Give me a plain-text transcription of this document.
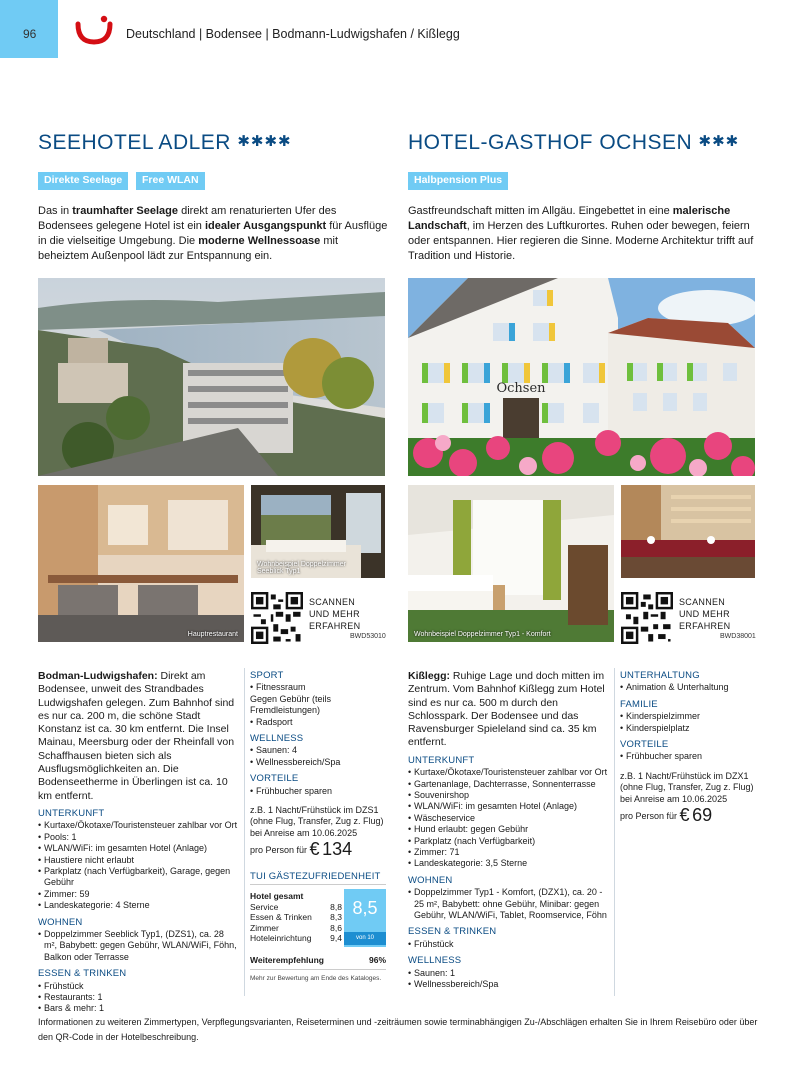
96	Deutschland | Bodensee | Bodmann-Ludwigshafen / Kißlegg
SEEHOTEL ADLER ✱✱✱✱
Direkte Seelage	Free WLAN

Das in traumhafter Seelage direkt am renaturierten Ufer des Bodensees gelegene Hotel ist ein idealer Ausgangspunkt für Ausflüge in die vielseitige Umgebung. Die moderne Wellnessoase mit beheiztem Außenpool lädt zur Entspannung ein.

HOTEL-GASTHOF OCHSEN ✱✱✱
Halbpension Plus

Gastfreundschaft mitten im Allgäu. Eingebettet in eine malerische Landschaft, im Herzen des Luftkurortes. Ruhen oder bewegen, feiern oder entspannen. Hier regieren die Sinne. Moderne Architektur trifft auf Tradition und Historie.

Hauptrestaurant
Wohnbeispiel Doppelzimmer Seeblick Typ1
SCANNEN
UND MEHR
ERFAHREN
BWD53010
Ochsen
Wohnbeispiel Doppelzimmer Typ1 - Komfort
SCANNEN
UND MEHR
ERFAHREN
BWD38001

Bodman-Ludwigshafen: Direkt am Bodensee, unweit des Strandbades Ludwigshafen gelegen. Zum Bahnhof sind es nur ca. 200 m, die schöne Stadt Konstanz ist ca. 30 km entfernt. Die Insel Mainau, Meersburg oder der Rheinfall von Schaffhausen bieten sich als Ausflugsmöglichkeiten an. Die Bodenseetherme in Überlingen ist ca. 10 km entfernt.

UNTERKUNFT
• Kurtaxe/Ökotaxe/Touristensteuer zahlbar vor Ort
• Pools: 1
• WLAN/WiFi: im gesamten Hotel (Anlage)
• Haustiere nicht erlaubt
• Parkplatz (nach Verfügbarkeit), Garage, gegen Gebühr
• Zimmer: 59
• Landeskategorie: 4 Sterne
WOHNEN
• Doppelzimmer Seeblick Typ1, (DZS1), ca. 28 m², Babybett: gegen Gebühr, WLAN/WiFi, Föhn, Balkon oder Terrasse
ESSEN & TRINKEN
• Frühstück
• Restaurants: 1
• Bars & mehr: 1
SPORT
• Fitnessraum

Gegen Gebühr (teils Fremdleistungen)

• Radsport
WELLNESS
• Saunen: 4
• Wellnessbereich/Spa
VORTEILE
• Frühbucher sparen

z.B. 1 Nacht/Frühstück im DZS1 (ohne Flug, Transfer, Zug z. Flug) bei Anreise am 10.06.2025

pro Person für € 134

TUI GÄSTEZUFRIEDENHEIT
Hotel gesamt
Service	8,8
Essen & Trinken 8,3
Zimmer	8,6
Hoteleinrichtung 9,4
8,5
von 10
Weiterempfehlung	96%

Mehr zur Bewertung am Ende des Kataloges.

Kißlegg: Ruhige Lage und doch mitten im Zentrum. Vom Bahnhof Kißlegg zum Hotel sind es nur ca. 500 m durch den Schlosspark. Der Bodensee und das Ravensburger Spieleland sind ca. 35 km entfernt.

UNTERKUNFT
• Kurtaxe/Ökotaxe/Touristensteuer zahlbar vor Ort
• Gartenanlage, Dachterrasse, Sonnenterrasse
• Souvenirshop
• WLAN/WiFi: im gesamten Hotel (Anlage)
• Wäscheservice
• Hund erlaubt: gegen Gebühr
• Parkplatz (nach Verfügbarkeit)
• Zimmer: 71
• Landeskategorie: 3,5 Sterne
WOHNEN
• Doppelzimmer Typ1 - Komfort, (DZX1), ca. 20 - 25 m², Babybett: ohne Gebühr, Minibar: gegen Gebühr, WLAN/WiFi, Tablet, Roomservice, Föhn
ESSEN & TRINKEN
• Frühstück
WELLNESS
• Saunen: 1
• Wellnessbereich/Spa
UNTERHALTUNG
• Animation & Unterhaltung
FAMILIE
• Kinderspielzimmer
• Kinderspielplatz
VORTEILE
• Frühbucher sparen

z.B. 1 Nacht/Frühstück im DZX1 (ohne Flug, Transfer, Zug z. Flug) bei Anreise am 10.06.2025

pro Person für € 69

Informationen zu weiteren Zimmertypen, Verpflegungsvarianten, Reiseterminen und -zeiträumen sowie terminabhängigen Zu-/Abschlägen erhalten Sie in Ihrem Reisebüro oder über den QR-Code in der Hotelbeschreibung.
